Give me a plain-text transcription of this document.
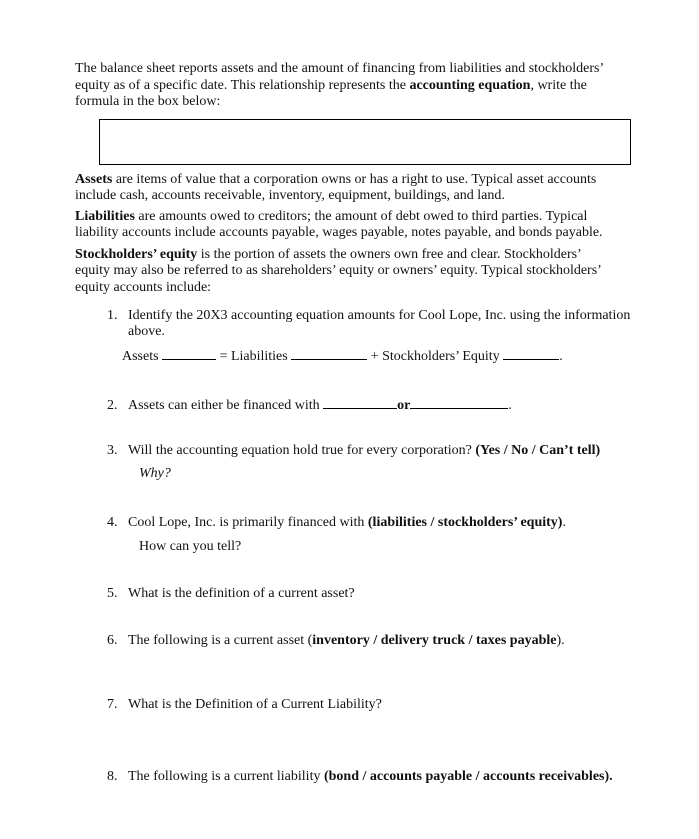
The balance sheet reports assets and the amount of financing from liabilities and stockholders’
equity as of a specific date. This relationship represents the accounting equation, write the
formula in the box below:
Assets are items of value that a corporation owns or has a right to use. Typical asset accounts
include cash, accounts receivable, inventory, equipment, buildings, and land.
Liabilities are amounts owed to creditors; the amount of debt owed to third parties. Typical
liability accounts include accounts payable, wages payable, notes payable, and bonds payable.
Stockholders’ equity is the portion of assets the owners own free and clear. Stockholders’
equity may also be referred to as shareholders’ equity or owners’ equity. Typical stockholders’
equity accounts include:
1. Identify the 20X3 accounting equation amounts for Cool Lope, Inc. using the information
above.
Assets	= Liabilities	+ Stockholders’ Equity	.
2. Assets can either be financed with	or	.
3. Will the accounting equation hold true for every corporation? (Yes / No / Can’t tell)
Why?
4. Cool Lope, Inc. is primarily financed with (liabilities / stockholders’ equity).
How can you tell?
5. What is the definition of a current asset?
6. The following is a current asset (inventory / delivery truck / taxes payable).
7. What is the Definition of a Current Liability?
8. The following is a current liability (bond / accounts payable / accounts receivables).
